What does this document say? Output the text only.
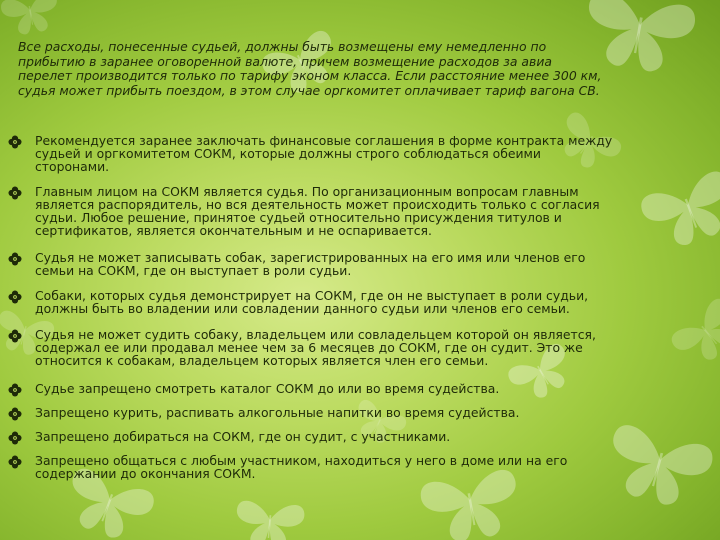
Все расходы, понесенные судьей, должны быть возмещены ему немедленно по
прибытию в заранее оговоренной валюте, причем возмещение расходов за авиа
перелет производится только по тарифу эконом класса. Если расстояние менее 300 км,
судья может прибыть поездом, в этом случае оргкомитет оплачивает тариф вагона СВ.

Рекомендуется заранее заключать финансовые соглашения в форме контракта между
судьей и оргкомитетом СОКМ, которые должны строго соблюдаться обеими
сторонами.
Главным лицом на СОКМ является судья. По организационным вопросам главным
является распорядитель, но вся деятельность может происходить только с согласия
судьи. Любое решение, принятое судьей относительно присуждения титулов и
сертификатов, является окончательным и не оспаривается.
Судья не может записывать собак, зарегистрированных на его имя или членов его
семьи на СОКМ, где он выступает в роли судьи.
Собаки, которых судья демонстрирует на СОКМ, где он не выступает в роли судьи,
должны быть во владении или совладении данного судьи или членов его семьи.
Судья не может судить собаку, владельцем или совладельцем которой он является,
содержал ее или продавал менее чем за 6 месяцев до СОКМ, где он судит. Это же
относится к собакам, владельцем которых является член его семьи.
Судье запрещено смотреть каталог СОКМ до или во время судейства.
Запрещено курить, распивать алкогольные напитки во время судейства.
Запрещено добираться на СОКМ, где он судит, с участниками.
Запрещено общаться с любым участником, находиться у него в доме или на его
содержании до окончания СОКМ.
